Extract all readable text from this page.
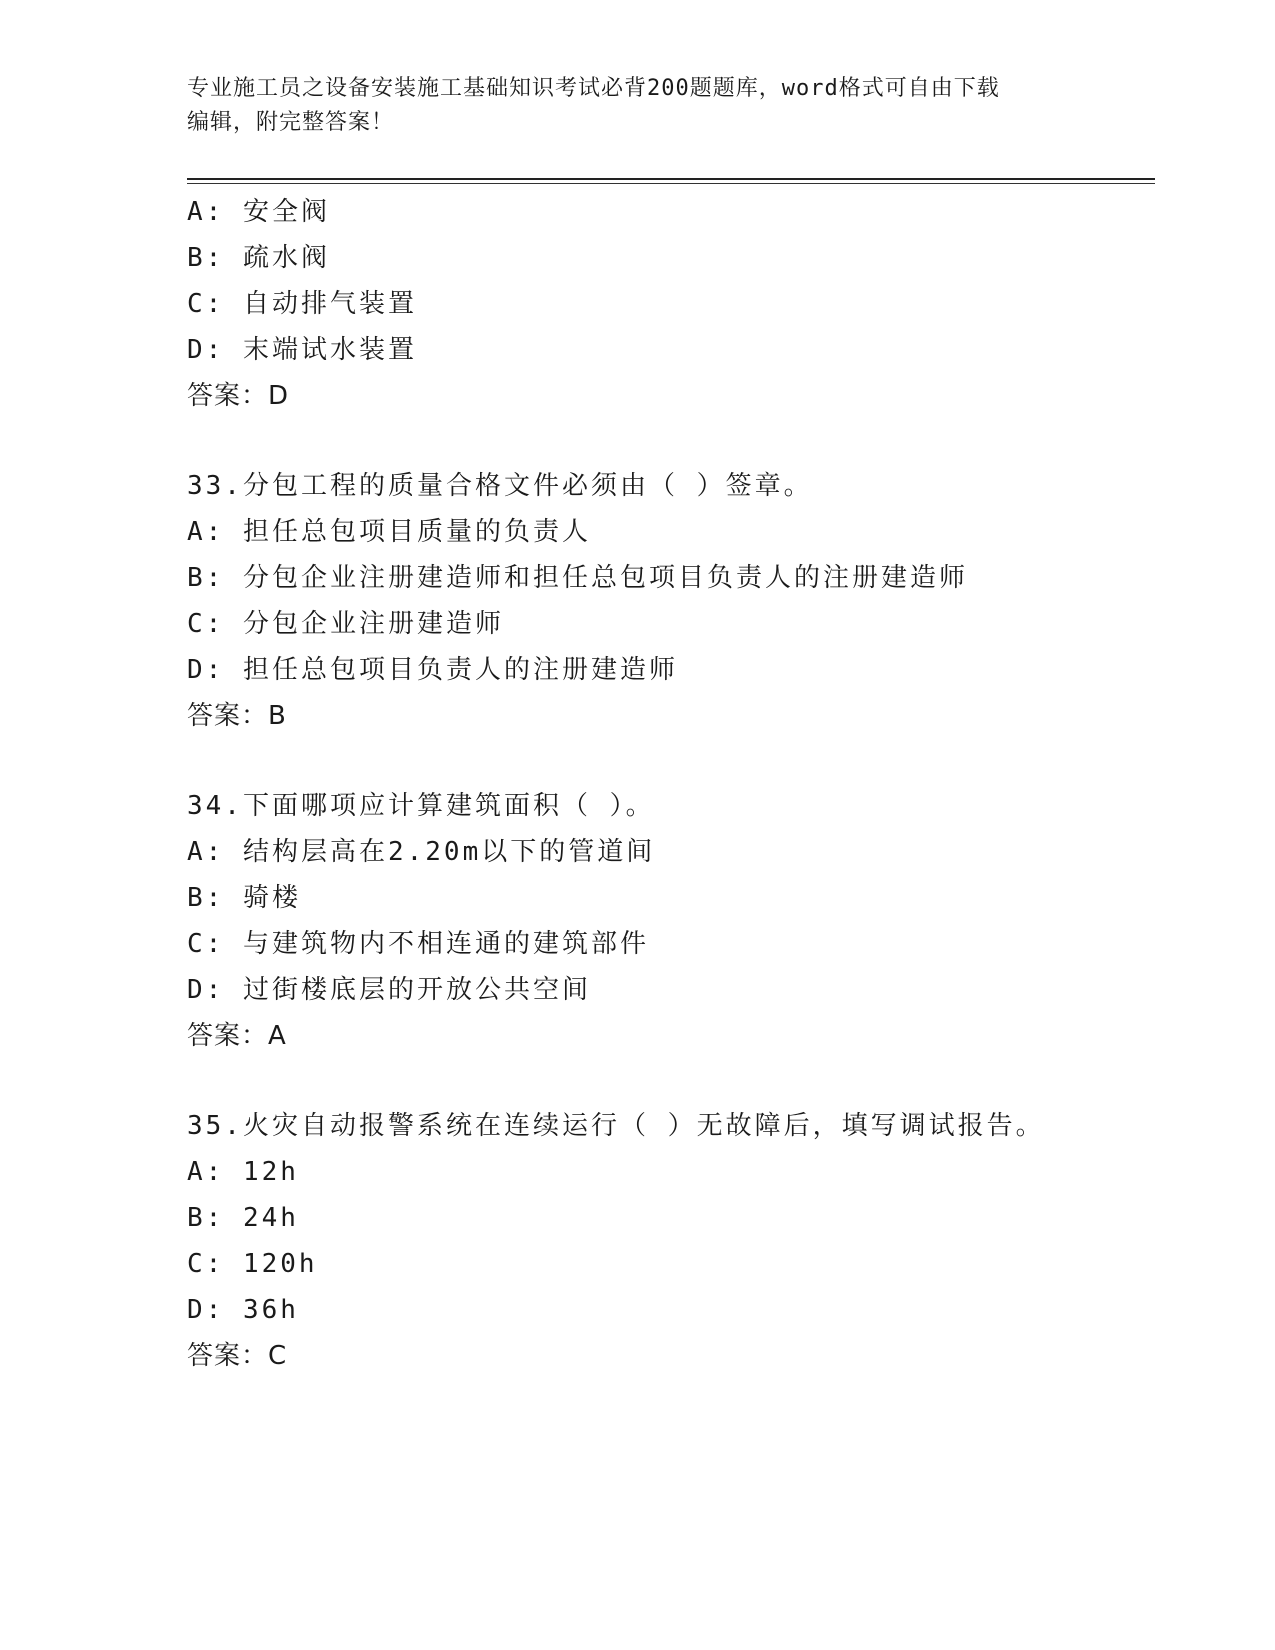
专业施工员之设备安装施工基础知识考试必背200题题库，word格式可自由下载
编辑，附完整答案！
A: 安全阀
B: 疏水阀
C: 自动排气装置
D: 末端试水装置
答案：D
33.分包工程的质量合格文件必须由（ ）签章。
A: 担任总包项目质量的负责人
B: 分包企业注册建造师和担任总包项目负责人的注册建造师
C: 分包企业注册建造师
D: 担任总包项目负责人的注册建造师
答案：B
34.下面哪项应计算建筑面积（ ）。
A: 结构层高在2.20m以下的管道间
B: 骑楼
C: 与建筑物内不相连通的建筑部件
D: 过街楼底层的开放公共空间
答案：A
35.火灾自动报警系统在连续运行（ ）无故障后，填写调试报告。
A: 12h
B: 24h
C: 120h
D: 36h
答案：C
